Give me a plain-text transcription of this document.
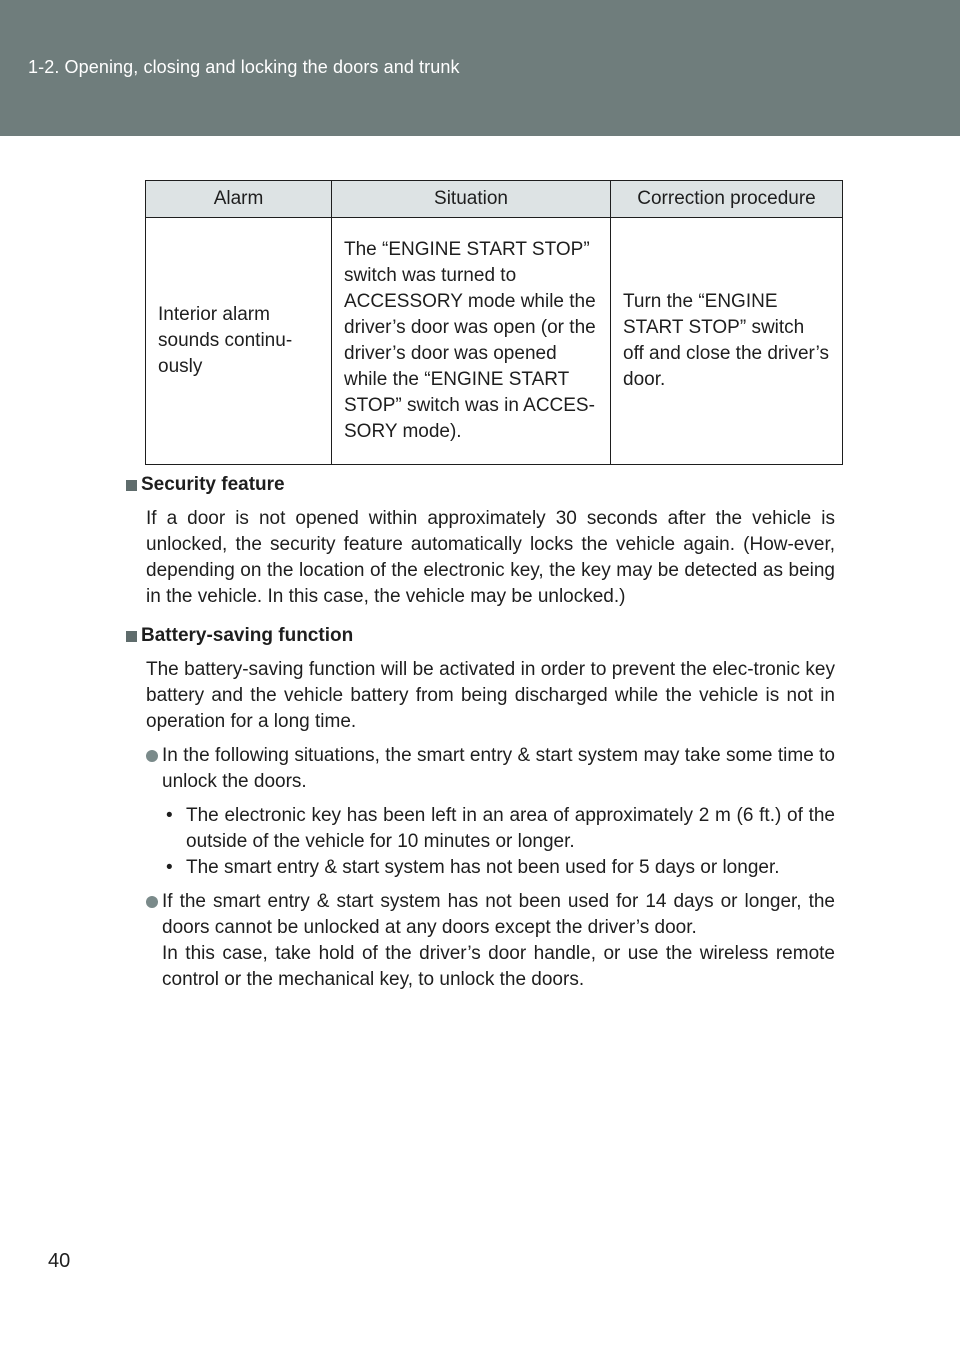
1-2. Opening, closing and locking the doors and trunk
Alarm	Situation	Correction procedure
Interior alarm sounds continu-ously	The “ENGINE START STOP” switch was turned to ACCESSORY mode while the driver’s door was open (or the driver’s door was opened while the “ENGINE START STOP” switch was in ACCES-SORY mode).	Turn the “ENGINE START STOP” switch off and close the driver’s door.

Security feature

If a door is not opened within approximately 30 seconds after the vehicle is unlocked, the security feature automatically locks the vehicle again. (How-ever, depending on the location of the electronic key, the key may be detected as being in the vehicle. In this case, the vehicle may be unlocked.)

Battery-saving function

The battery-saving function will be activated in order to prevent the elec-tronic key battery and the vehicle battery from being discharged while the vehicle is not in operation for a long time.

In the following situations, the smart entry & start system may take some time to unlock the doors.
• The electronic key has been left in an area of approximately 2 m (6 ft.) of the outside of the vehicle for 10 minutes or longer.
• The smart entry & start system has not been used for 5 days or longer.
If the smart entry & start system has not been used for 14 days or longer, the doors cannot be unlocked at any doors except the driver’s door.
In this case, take hold of the driver’s door handle, or use the wireless remote control or the mechanical key, to unlock the doors.
40
